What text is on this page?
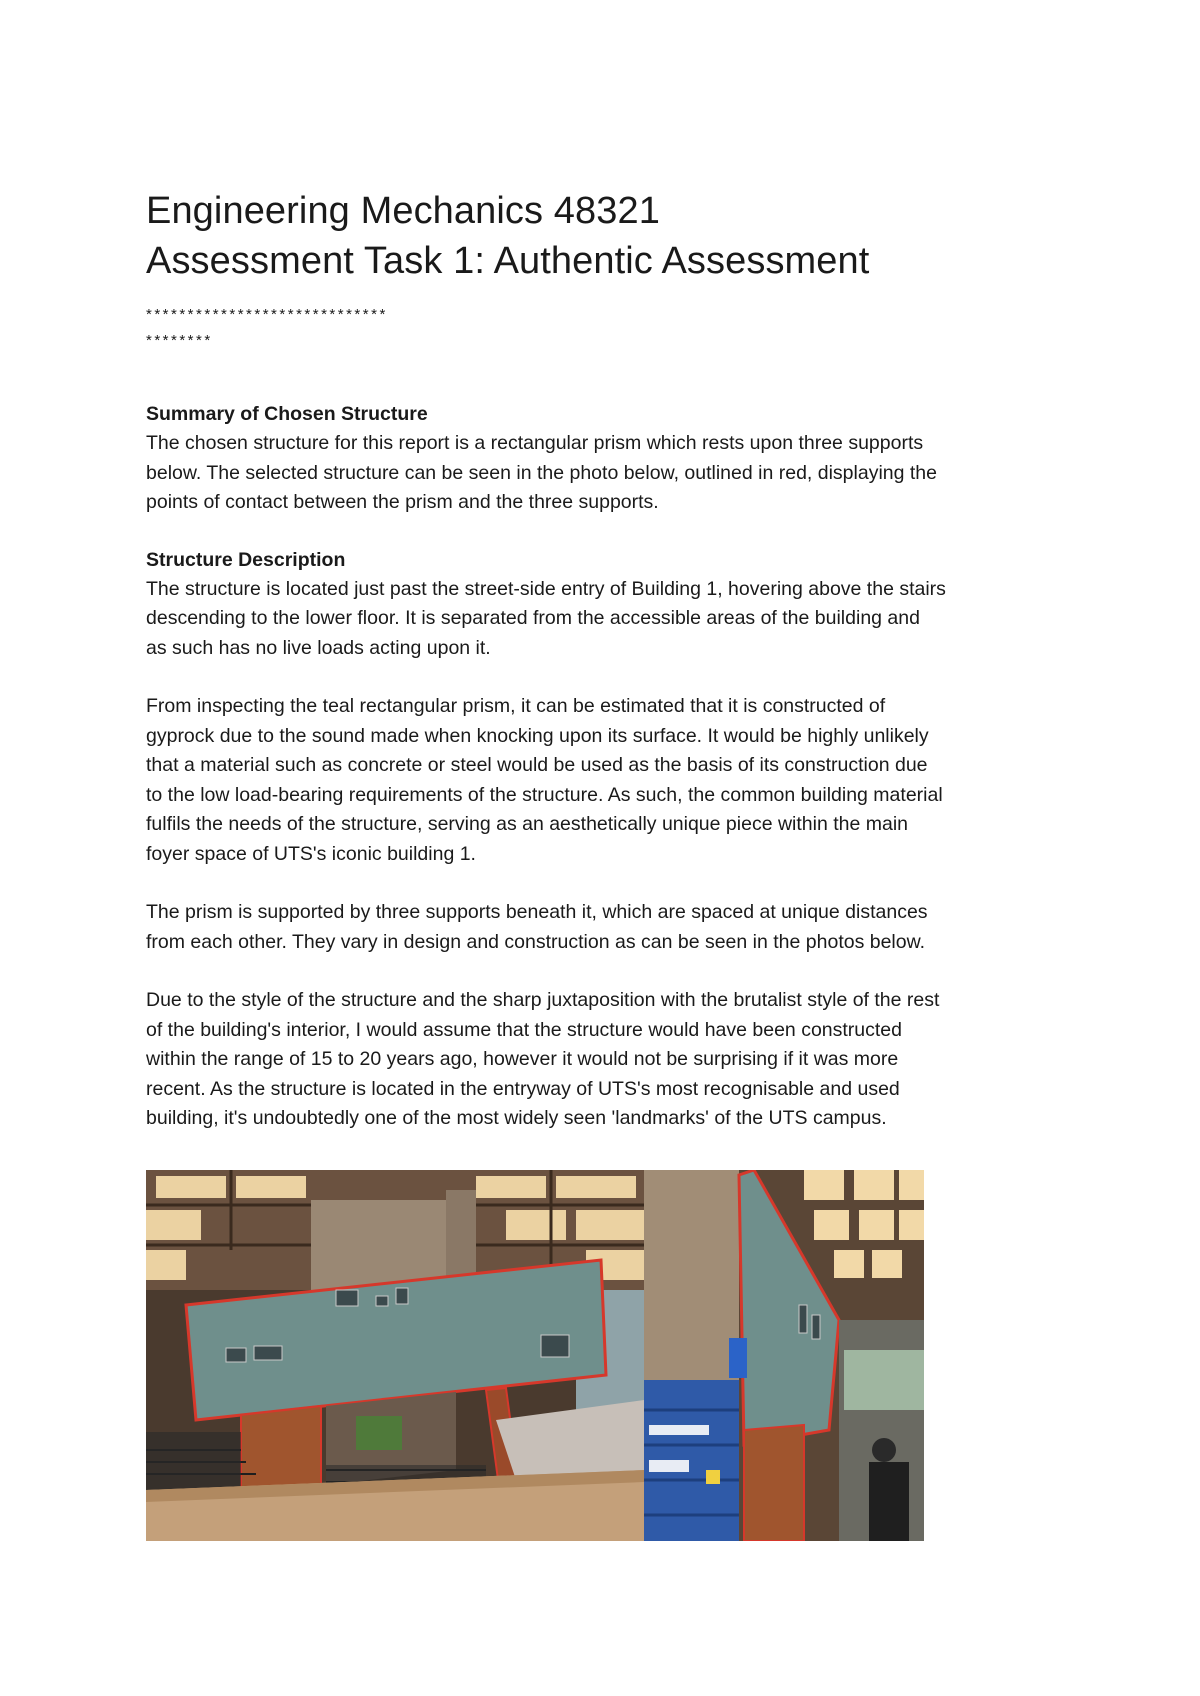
Engineering Mechanics 48321
Assessment Task 1: Authentic Assessment

*****************************

********

Summary of Chosen Structure

The chosen structure for this report is a rectangular prism which rests upon three supports

below. The selected structure can be seen in the photo below, outlined in red, displaying the

points of contact between the prism and the three supports.

Structure Description

The structure is located just past the street-side entry of Building 1, hovering above the stairs

descending to the lower floor. It is separated from the accessible areas of the building and

as such has no live loads acting upon it.

From inspecting the teal rectangular prism, it can be estimated that it is constructed of

gyprock due to the sound made when knocking upon its surface. It would be highly unlikely

that a material such as concrete or steel would be used as the basis of its construction due

to the low load-bearing requirements of the structure. As such, the common building material

fulfils the needs of the structure, serving as an aesthetically unique piece within the main

foyer space of UTS's iconic building 1.

The prism is supported by three supports beneath it, which are spaced at unique distances

from each other. They vary in design and construction as can be seen in the photos below.

Due to the style of the structure and the sharp juxtaposition with the brutalist style of the rest

of the building's interior, I would assume that the structure would have been constructed

within the range of 15 to 20 years ago, however it would not be surprising if it was more

recent. As the structure is located in the entryway of UTS's most recognisable and used

building, it's undoubtedly one of the most widely seen 'landmarks' of the UTS campus.
